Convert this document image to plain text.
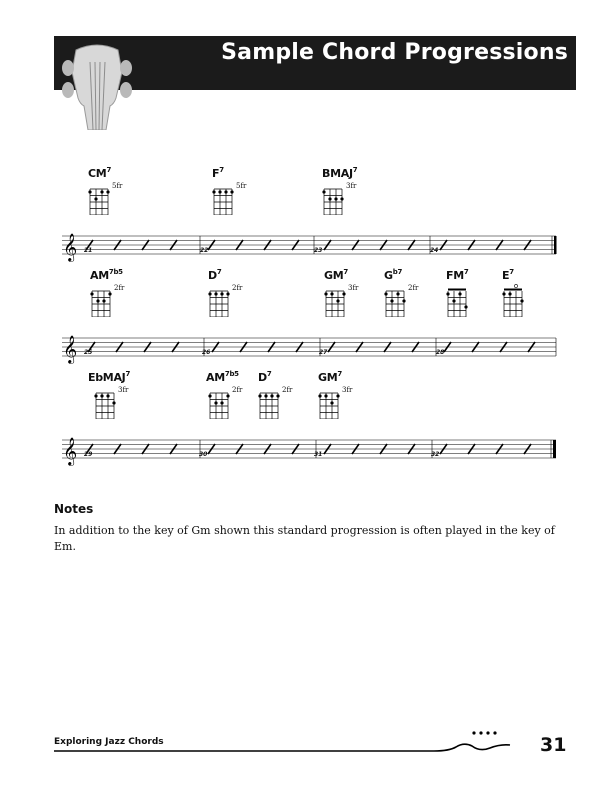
Sample Chord Progressions
$CM^7$
5fr
$F^7$
5fr
BMAJ$^7$
3fr
𝄞 21	22	23	24
$AM^{7b5}$
2fr
$D^7$
2fr
$GM^7$
3fr
$G^{b7}$
2fr
$FM^7$	$E^7$
𝄞 25	26	27	28
EbMAJ$^7$
3fr
$AM^{7b5}$
2fr
$D^7$
2fr
$GM^7$
3fr
𝄞 29	30	31	32
Notes
In addition to the key of Gm shown this standard progression is often played in the key of Em.
Exploring Jazz Chords	31
